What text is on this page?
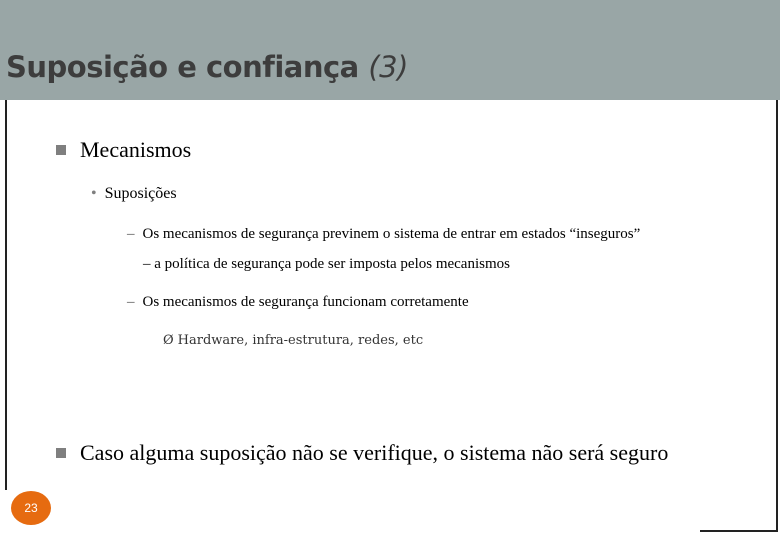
Suposição e confiança (3)
Mecanismos
• Suposições
– Os mecanismos de segurança previnem o sistema de entrar em estados “inseguros”
– a política de segurança pode ser imposta pelos mecanismos
– Os mecanismos de segurança funcionam corretamente
Ø Hardware, infra-estrutura, redes, etc
Caso alguma suposição não se verifique, o sistema não será seguro
23
